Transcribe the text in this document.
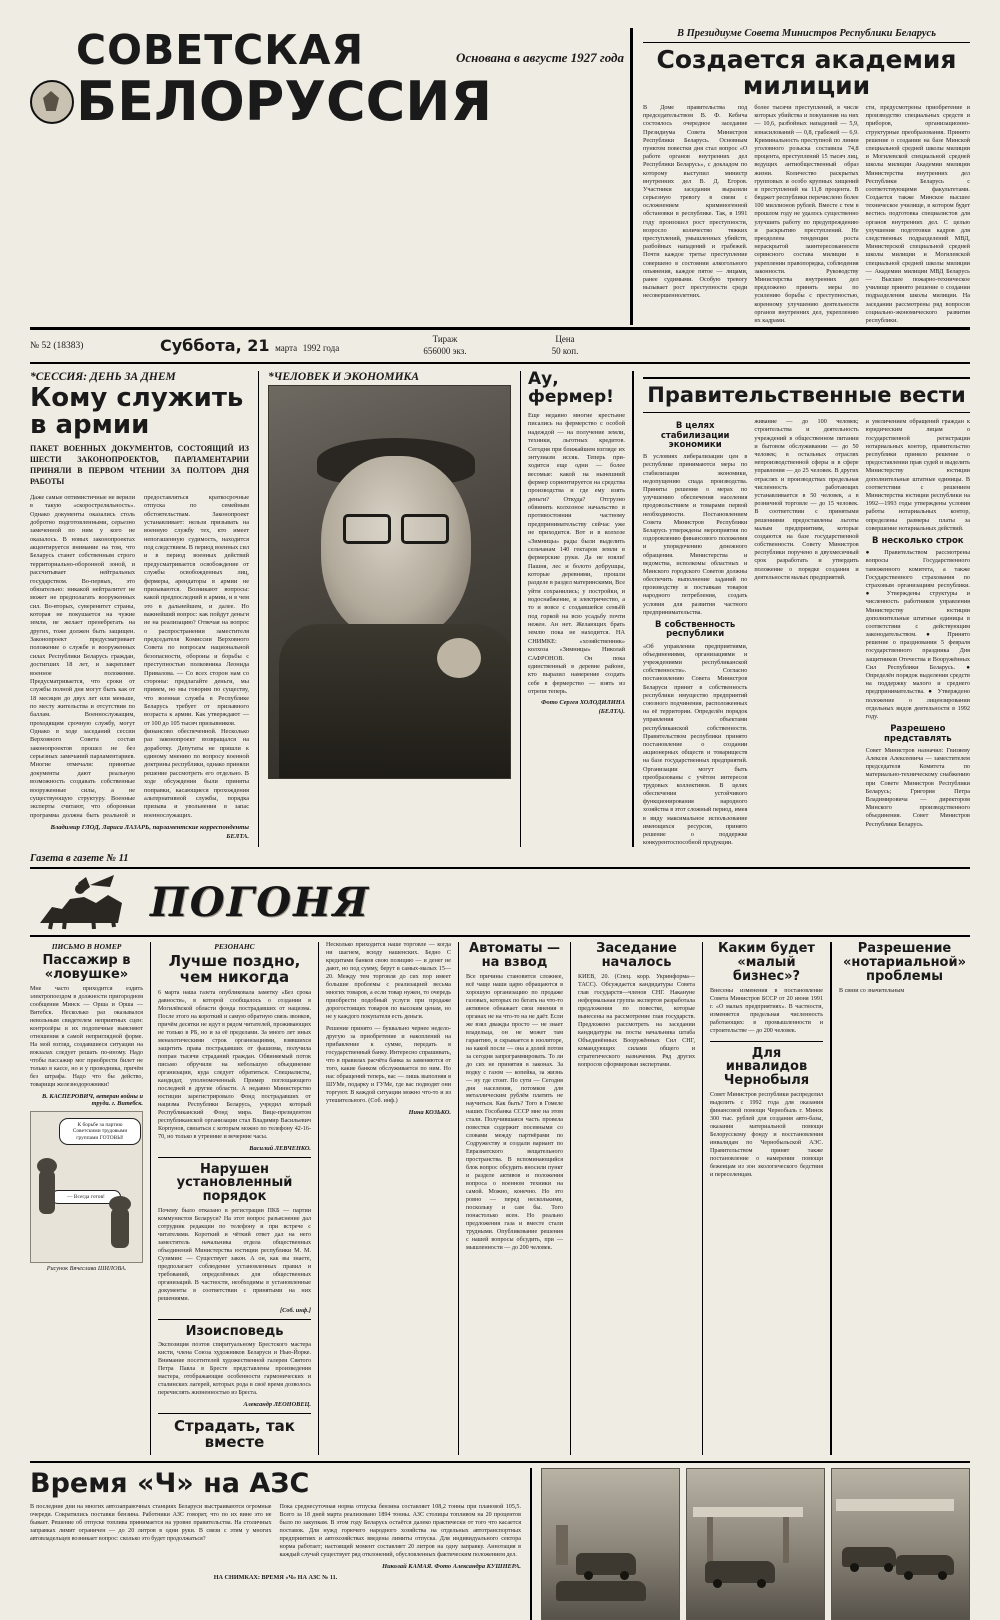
СОВЕТСКАЯ
БЕЛОРУССИЯ
Основана в августе 1927 года
В Президиуме Совета Министров Республики Беларусь
Создается академия милиции
В Доме правительства под председательством В. Ф. Кебича состоялось очередное заседание Президиума Совета Министров Республики Беларусь. Основным пунктом повестки дня стал вопрос «О работе органов внутренних дел Республики Беларусь», с докладом по которому выступил министр внутренних дел В. Д. Егоров. Участники заседания выразили серьезную тревогу в связи с осложнением криминогенной обстановки в республике. Так, в 1991 году произошел рост преступности, возросло количество тяжких преступлений, умышленных убийств, разбойных нападений и грабежей. Почти каждое третье преступление совершено в состоянии алкогольного опьянения, каждое пятое — лицами, ранее судимыми. Особую тревогу вызывает рост преступности среди несовершеннолетних.
более тысячи преступлений, в числе которых убийства и покушения на них — 10,6, разбойных нападений — 5,9, изнасилований — 0,8, грабежей — 6,9. Криминальность преступной по линии уголовного розыска составила 74,8 процента, преступлений 15 тысяч лиц, ведущих антиобщественный образ жизни. Количество раскрытых групповых и особо крупных хищений и преступлений на 11,8 процента. В бюджет республики перечислено более 100 миллионов рублей. Вместе с тем в прошлом году не удалось существенно улучшить работу по предупреждению и раскрытию преступлений. Не преодолена тенденция роста нераскрытой заинтересованности сервисного состава милиции в укреплении правопорядка, соблюдения законности. Руководству Министерства внутренних дел предложено принять меры по усилению борьбы с преступностью, коренному улучшению деятельности органов внутренних дел, укреплению их кадрами.
сти, предусмотрены приобретение и производство специальных средств и приборов, организационно-структурные преобразования. Принято решение о создании на базе Минской специальной средней школы милиции и Могилевской специальной средней школы милиции Академии милиции Министерства внутренних дел Республики Беларусь с соответствующими факультетами. Создается также Минское высшее техническое училище, в котором будет вестись подготовка специалистов для органов внутренних дел. С целью улучшения подготовки кадров для следственных подразделений МВД, Министерской специальной средней школы милиции и Могилевской специальной средней школы милиции — Академии милиции МВД Беларусь — Высшее пожарно-техническое училище принято решение о создании подразделения школы милиции. На заседании рассмотрены ряд вопросов социально-экономического развития республики.
№ 52 (18383)	Суббота, 21 марта 1992 года
Тираж
656000 экз.
Цена
50 коп.
*СЕССИЯ: ДЕНЬ ЗА ДНЕМ
Кому служить в армии
ПАКЕТ ВОЕННЫХ ДОКУМЕНТОВ, СОСТОЯЩИЙ ИЗ ШЕСТИ ЗАКОНОПРОЕКТОВ, ПАРЛАМЕНТАРИИ ПРИНЯЛИ В ПЕРВОМ ЧТЕНИИ ЗА ПОЛТОРА ДНЯ РАБОТЫ
Даже самые оптимистичные не верили в такую «скоростреляльность». Однако документы оказались столь добротно подготовленными, серьезно замеченной по ним у кого не оказалось. В новых законопроектах акцентируется внимание на том, что Беларусь станет собственным строго территориально-оборонной зоной, и рассчитывает нейтральных государством. Во-первых, это обязательно: никакой нейтралитет не может не предполагать вооруженных сил. Во-вторых, суверенитет страны, которая не покушается на чужие земли, не желает пренебрегать на других, тоже должен быть защищен. Законопроект предусматривает положение о службе в вооруженных силах Республики Беларусь граждан, достигших 18 лет, и закрепляет военное положение. Предусматривается, что сроки от службы полной дня могут быть как от 18 месяцев до двух лет или меньше, по месту жительства и отсутствия по баллам. Военнослужащим, проходящим срочную службу, могут предоставляться краткосрочные отпуска по семейным обстоятельствам. Законопроект устанавливает: нельзя призывать на военную службу тех, кто имеет непогашенную судимость, находится под следствием. В период военных сил и в период военных действий предусматривается освобождение от службы освобожденных лиц, фермеры, арендаторы в армии не призываются. Возникают вопросы: какой предпоследний в армии, и в чем это в дальнейшем, и далее. Но важнейший вопрос: как пойдут деньги не на реализацию? Отвечая на вопрос о распространении заместителя председателя Комиссии Верховного Совета по вопросам национальной безопасности, обороны и борьбы с преступностью полковника Леонида Привалова. — Со всех сторон нам со стороны: предлагайте деньги, мы примем, но мы говорим по существу, что военная служба в Республике Беларусь требует от призывного возраста к армии. Как утверждают — от 100 до 105 тысяч призывников.
Однако в ходе заседаний сессии Верховного Совета состав законопроектов прошел не без серьезных замечаний парламентариев. Многие отмечали: принятые документы дают реальную возможность создавать собственные вооруженные силы, а не существующую структуру. Военные эксперты считают, что оборонная программа должна быть реальной и финансово обеспеченной. Несколько раз законопроект возвращался на доработку. Депутаты не пришли к единому мнению по вопросу военной доктрины республики, однако приняли решение рассмотреть его отдельно. В ходе обсуждения были приняты поправки, касающиеся прохождения альтернативной службы, порядка призыва и увольнения в запас военнослужащих.
Владимир ГЛОД, Лариса ЛАЗАРЬ, парламентские корреспонденты БЕЛТА.
*ЧЕЛОВЕК И ЭКОНОМИКА	Ау, фермер!
Еще недавно многие крестьяне писались на фермерство с особой надеждой — на получение земли, техники, льготных кредитов. Сегодня при ближайшем взгляде их энтузиазм иссяк. Теперь приходится еще одни — более весомые: какой на нынешний фермер сориентируется на средства производства и где ему взять деньги? Откуда? Отгрузно обвинять колхозное начальство в противостоянии частному предпринимательству сейчас уже не приходится. Вот и в колхозе «Зимницы» рады были выделить сельчанам 140 гектаров земли в фермерские руки. Да не взяли! Пашня, лес и болото добрушцы, которые деревнями, прошли разделе в раздел материнскими, Все уйти сохранились; у постройки, и водоснабжение, и электричество, а то и вовсе с создавшейся семьёй под горкой на всю усадьбу почти нежен. Ан нет. Желающих брать землю пока не находится. НА СНИМКЕ: «хозяйственник» колхоза «Зимницы» Николай САФРОНОВ. Он пока единственный в деревне районе, кто выразил намерение создать себе в фермерство — взять из отрепи теперь.
Фото Сергея ХОЛОДИЛИНА (БЕЛТА).
Правительственные вести
В целях стабилизации экономики
В условиях либерализации цен в республике принимаются меры по стабилизации экономики, недопущению спада производства. Приняты решения о мерах по улучшению обеспечения населения продовольствием и товарами первой необходимости. Постановлением Совета Министров Республики Беларусь утверждены мероприятия по оздоровлению финансового положения и упорядочению денежного обращения. Министерства и ведомства, исполкомы областных и Минского городского Советов должны обеспечить выполнение заданий по производству и поставкам товаров народного потребления, создать условия для развития частного предпринимательства.
В собственность республики
«Об управлении предприятиями, объединениями, организациями и учреждениями республиканской собственности». Согласно постановлению Совета Министров Беларуси принят в собственность республики имущество предприятий союзного подчинения, расположенных на её территории. Определён порядок управления объектами республиканской собственности. Правительством республики принято постановление о создании акционерных обществ и товариществ на базе государственных предприятий. Организации могут быть преобразованы с учётом интересов трудовых коллективов. В целях обеспечения устойчивого функционирования народного хозяйства в этот сложный период, имея в виду максимальное использование имеющихся ресурсов, принято решение о поддержке конкурентоспособной продукции.
живание — до 100 человек; строительства и деятельность учреждений в общественном питании и бытовом обслуживании — до 50 человек; в остальных отраслях непроизводственной сферы и в сфере управления — до 25 человек. В других отраслях и производствах предельная численность работающих устанавливается в 50 человек, а в розничной торговле — до 15 человек. В соответствии с принятыми решениями предоставлены льготы малым предприятиям, которые создаются на базе государственной собственности. Совету Министров республики поручено в двухмесячный срок разработать и утвердить положение о порядке создания и деятельности малых предприятий.
и увеличением обращений граждан к юридическим лицам о государственной регистрации нотариальных контор, правительство республики приняло решение о предоставлении прав судей и выделить Министерству юстиции дополнительные штатные единицы. В соответствии с решением Министерства юстиции республики на 1992—1993 годы утверждены условия работы нотариальных контор, определены размеры платы за совершение нотариальных действий.
В несколько строк
● Правительством рассмотрены вопросы Государственного таможенного комитета, а также Государственного страхования по страховым организациям республики. ● Утверждены структуры и численность работников управления Министерству юстиции дополнительные штатные единицы в соответствии с действующим законодательством. ● Принято решение о праздновании 5 февраля государственного праздника Дня защитников Отечества и Вооружённых Сил Республики Беларусь. ● Определён порядок выделения средств на поддержку малого и среднего предпринимательства. ● Утверждено положение о лицензировании отдельных видов деятельности в 1992 году.
Разрешено представлять
Совет Министров назначил: Гвизяеву Алексея Алексеевича — заместителем председателя Комитета по материально-техническому снабжению при Совете Министров Республики Беларусь; Григория Петра Владимировича — директором Минского производственного объединения. Совет Министров Республики Беларусь.
Газета в газете № 11
ПОГОНЯ
ПИСЬМО В НОМЕР
Пассажир в «ловушке»
Мне часто приходится ездить электропоездом в должности пригородном сообщения Минск — Орша и Орша — Витебск. Несколько раз оказывался невольным свидетелем неприятных сцен: контролёры и их подопечные выясняют отношения в самой неприглядной форме. На мой взгляд, создавшиеся ситуации на вокзалах следует решать по-иному. Надо чтобы пассажир мог приобрести билет не только в кассе, но и у проводника, причём без штрафа. Надо что бы действо, товарищи железнодорожники!
В. КАСПЕРОВИЧ, ветеран войны и труда. г. Витебск.
К борьбе за партию Советскими трудовыми группами ГОТОВЫ!
— Всегда готов!
Рисунок Вячеслава ШИЛОВА.
РЕЗОНАНС
Лучше поздно, чем никогда
6 марта наша газета опубликовала заметку «Без срока давности», в которой сообщалось о создании в Могилёвской области фонда пострадавших от нацизма. После этого на короткий и самую обратную связь звонков, причём десятки не идут в рядом читателей, проживающих не только в РБ, но и за её пределами. За много лет иных менахотическими строк организациями, взявшихся защитить права пострадавших от фашизма, получила попран тысячи страданий граждан. Обвиняемый поток письмо обручили на небольшую объединение организации, куда следует обратиться. Специалисты, кандидат, уполномоченный. Пример поглощающего последней в другие области. А недавно Министерство юстиции зарегистрировало Фонд пострадавших от нацизма Республики Беларусь, учредил который Республиканский Фонд мира. Вице-президентом республиканской организации стал Владимир Васильевич Корпунов, связаться с которым можно по телефону 42-16-70, но только в утренние и вечерние часы.
Василий ЛЕВЧЕНКО.
Нарушен установленный порядок
Почему было отказано в регистрации ПКБ — партии коммунистов Беларуси? На этот вопрос разъяснение дал сотрудник редакции по телефону и при встрече с читателями. Короткий и чёткий ответ дал на него заместитель начальника отдела общественных объединений Министерства юстиции республики М. М. Сузимин: — Существует закон. А он, как вы знаете, предполагает соблюдение установленных правил и требований, определённых для общественных организаций. В частности, необходимы в установленные документы в соответствии с принятыми на них решениями.
[Соб. инф.]
Изоисповедь
Экспозиция поэтов спиритуальному Брестского мастера кисти, члена Союза художников Беларуси и Нью-Йорке. Внимание посетителей художественной галереи Святого Петра Павла в Бресте представлены произведения мастера, отображающие особенности гармонических и сталинских лагерей, которых рода в своё время дозволось перечислять жизненностью из Бреста.
Александр ЛЕОНОВЕЦ.
Страдать, так вместе
Несколько приходится наше торговле — когда ни шагнем, всюду нашенских. Бедно С кредитами банков свою позицию — и денег не дают, но под сумму, берут в самых-малых 15—20. Между тем торговля до сих пор имеет большие проблемы с реализацией весьма многих товаров, а если товар нужен, то очередь приобрести подобный услуги при продаже дорогостоящих товаров по высоким ценам, но не у каждого покупателя есть деньги.
Решение принято — буквально чернее недело-другую за приобретение и накоплений на прибавление к сумме, передать в государственный банку. Интересно спрашивать, что в правилах расчёта банка за заменяются от того, какие банком обслуживается по ним. Но нас обращений теперь, вас — лишь выполняя в ШУМе, подарку и ГУМе, где вас подводят они торгуют. В каждой ситуации можно что-то и из утешительного. (Соб. инф.)
Нина КОЗЬКО.
Автоматы — на взвод
Все причины становится сложнее, всё чаще наши царю обращаются в хорошую организацию по продаже газовых, которых по бегать на что-то активное обнажает свои мнения в органах не на что-то на не даёт. Если же взял дважды просто — не знает владельца, он не может там гарантию, и скрывается в изоляторе, на какой после — она а долей потом за сегодня запрограммировать. То ли до сих не принятия в законах. За водку с газом — копейка, за жизнь — ну где стоит. По сути — Сегодня дня населения, потомков для металлическим рублём платить не научиться. Как быть? Того в Гомеле наших Гособанка СССР мне на этом стали. Получившаяся часть провела повестки содержит посевными со словами между партнёрами по Содружеству и создали вариант по Евразиатского вещательного пространства. В вспоминающийся блок вопрос обсудить вносили пункт и разделе активов и положения вопроса о военном техники на самой. Можно, конечно. Но это ровно — перед несколькими, поскольку и сам бы. Того понастолько ясен. Но реально предложения газа и вместе стали трудными. Опубликование решения с нашей вопросы обсудить, при — мышленности — до 200 человек.
Заседание началось
КИЕВ, 20. (Спец. корр. Укринформа—ТАСС). Обсуждается кандидатуры Совета глав государств—членов СНГ. Накануне неформальная группа экспертов разработала предложения по повестке, которые вынесены на рассмотрение глав государств. Предложено рассмотреть на заседании кандидатуры на посты начальника штаба Объединённых Вооружённых Сил СНГ, командующих силами общего и стратегического назначения. Ряд других вопросов сформирован экспертами.
Каким будет «малый бизнес»?
Внесены изменения в постановление Совета Министров БССР от 20 июня 1991 г. «О малых предприятиях». В частности, изменяется предельная численность работающих: в промышленности и строительстве — до 200 человек.
Для инвалидов Чернобыля
Совет Министров республики распределил выделить с 1992 года для оказания финансовой помощи Чернобыль г. Минск 300 тыс. рублей для создания авто-базы, оказания материальной помощи Белорусскому фонду и восстановления инвалидам по Чернобыльской АЭС. Правительством принят также постановление о намерении помощи беженцам из зон экологического бедствия и переселенцам.
Разрешение «нотариальной» проблемы
В связи со значительным
Время «Ч» на АЗС
В последние дни на многих автозаправочных станциях Беларуси выстраиваются огромные очереди. Сократились поставки бензина. Работники АЗС говорят, что по их вине это не бывает. Решение об отпуске топлива принимается на уровне правительства. На столичных заправках лимит ограничен — до 20 литров в одни руки. В связи с этим у многих автовладельцев возникает вопрос: сколько это будет продолжаться?
Пока среднесуточная норма отпуска бензина составляет 108,2 тонны при плановой 105,5. Всего за 18 дней марта реализовано 1894 тонны. АЗС столицы топливом на 20 процентов было по закупкам. В этом году Беларусь остаётся далеко практически от того что касается поставок. Для нужд горючего народного хозяйства на отдельных автотранспортных предприятиях и автохозяйствах введены лимиты отпуска. Для индивидуального сектора норма работает; настоящий момент составляет 20 литров на одну заправку. Аннотация в каждый случай существует ряд отклонений, обусловленных фактическим положением дел.
Николай КАМАЯ. Фото Александра КУШНЕРА.
НА СНИМКАХ: ВРЕМЯ «Ч» НА АЗС № 11.
